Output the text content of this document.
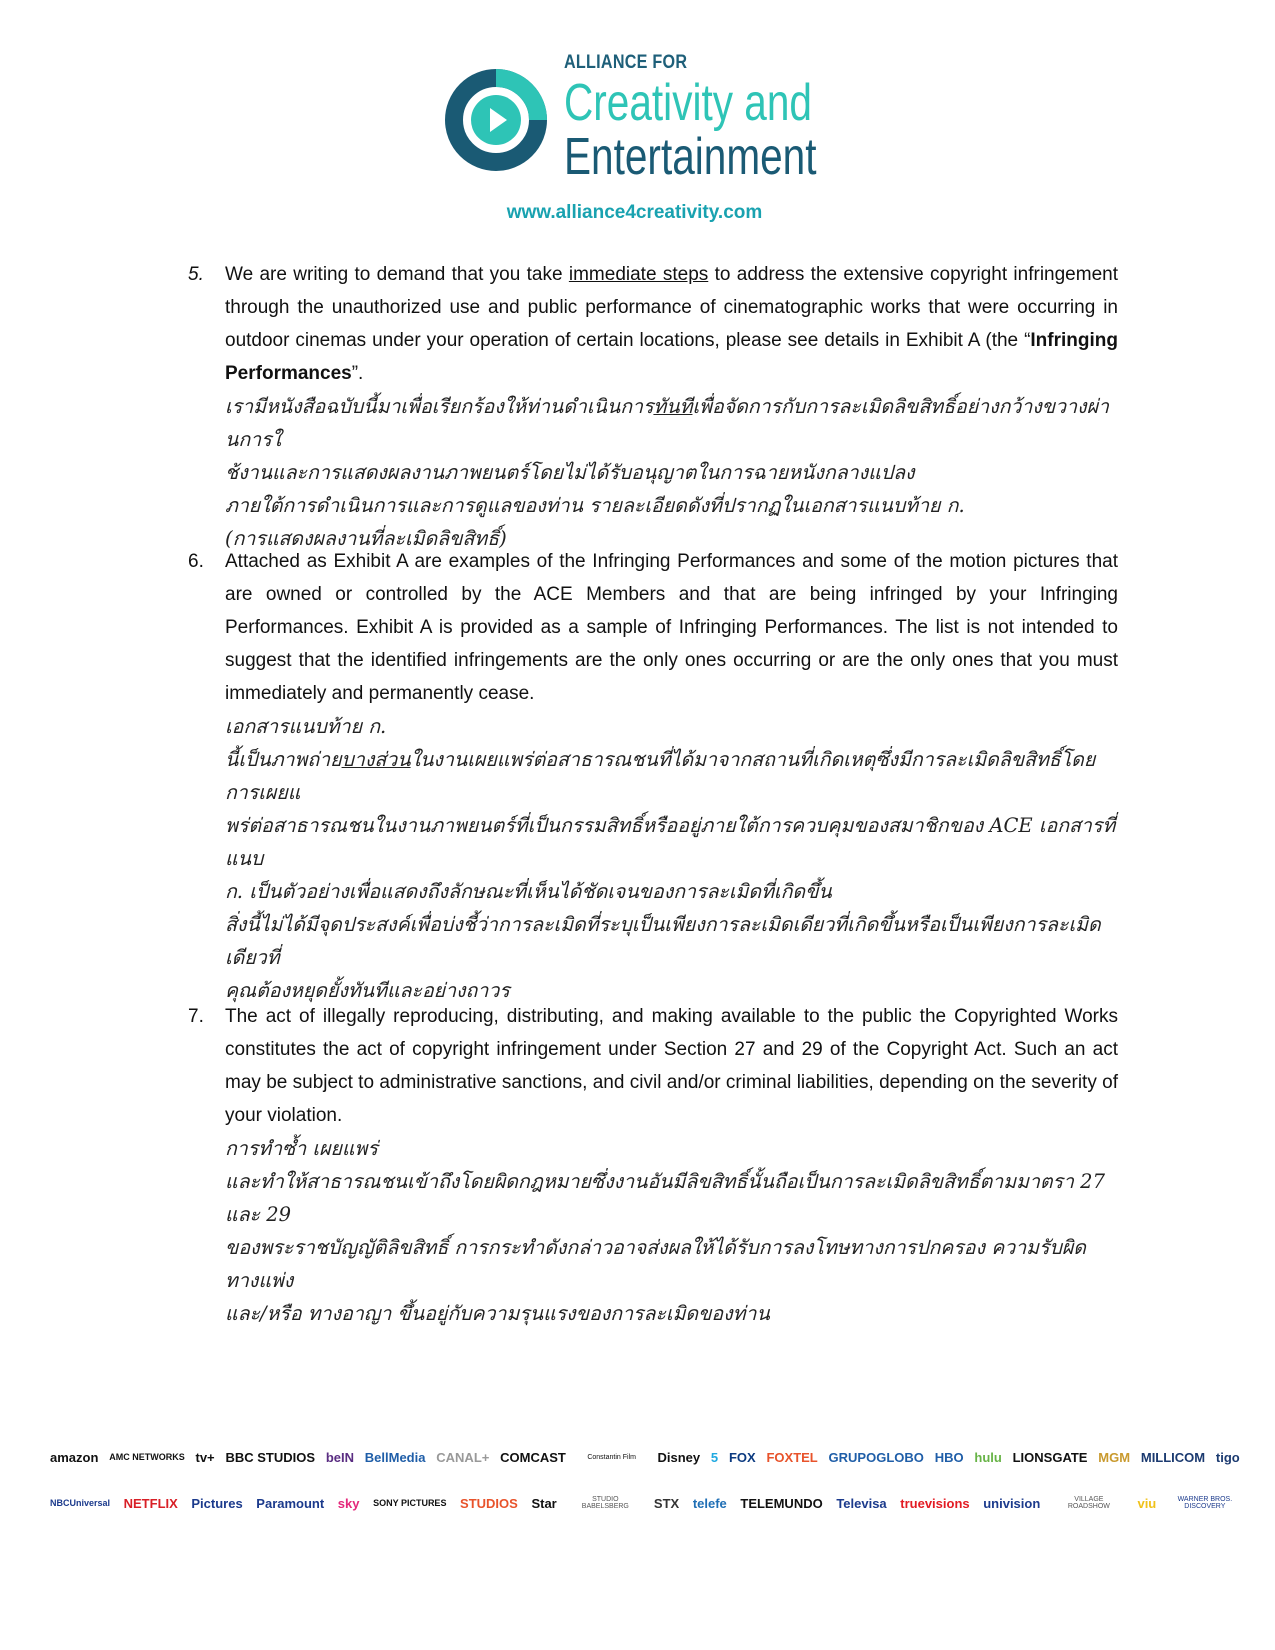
ALLIANCE FOR
Creativity and
Entertainment
www.alliance4creativity.com
5. We are writing to demand that you take immediate steps to address the extensive copyright infringement through the unauthorized use and public performance of cinematographic works that were occurring in outdoor cinemas under your operation of certain locations, please see details in Exhibit A (the “Infringing Performances”.
เรามีหนังสือฉบับนี้มาเพื่อเรียกร้องให้ท่านดำเนินการทันทีเพื่อจัดการกับการละเมิดลิขสิทธิ์อย่างกว้างขวางผ่านการใ
ช้งานและการแสดงผลงานภาพยนตร์โดยไม่ได้รับอนุญาตในการฉายหนังกลางแปลง
ภายใต้การดำเนินการและการดูแลของท่าน รายละเอียดดังที่ปรากฏในเอกสารแนบท้าย ก.
(การแสดงผลงานที่ละเมิดลิขสิทธิ์)
6. Attached as Exhibit A are examples of the Infringing Performances and some of the motion pictures that are owned or controlled by the ACE Members and that are being infringed by your Infringing Performances. Exhibit A is provided as a sample of Infringing Performances. The list is not intended to suggest that the identified infringements are the only ones occurring or are the only ones that you must immediately and permanently cease.
เอกสารแนบท้าย ก.
นี้เป็นภาพถ่ายบางส่วนในงานเผยแพร่ต่อสาธารณชนที่ได้มาจากสถานที่เกิดเหตุซึ่งมีการละเมิดลิขสิทธิ์โดยการเผยแ
พร่ต่อสาธารณชนในงานภาพยนตร์ที่เป็นกรรมสิทธิ์หรืออยู่ภายใต้การควบคุมของสมาชิกของ ACE เอกสารที่แนบ
ก. เป็นตัวอย่างเพื่อแสดงถึงลักษณะที่เห็นได้ชัดเจนของการละเมิดที่เกิดขึ้น
สิ่งนี้ไม่ได้มีจุดประสงค์เพื่อบ่งชี้ว่าการละเมิดที่ระบุเป็นเพียงการละเมิดเดียวที่เกิดขึ้นหรือเป็นเพียงการละเมิดเดียวที่
คุณต้องหยุดยั้งทันทีและอย่างถาวร
7. The act of illegally reproducing, distributing, and making available to the public the Copyrighted Works constitutes the act of copyright infringement under Section 27 and 29 of the Copyright Act. Such an act may be subject to administrative sanctions, and civil and/or criminal liabilities, depending on the severity of your violation.
การทำซ้ำ เผยแพร่
และทำให้สาธารณชนเข้าถึงโดยผิดกฎหมายซึ่งงานอันมีลิขสิทธิ์นั้นถือเป็นการละเมิดลิขสิทธิ์ตามมาตรา 27 และ 29
ของพระราชบัญญัติลิขสิทธิ์ การกระทำดังกล่าวอาจส่งผลให้ได้รับการลงโทษทางการปกครอง ความรับผิดทางแพ่ง
และ/หรือ ทางอาญา ขึ้นอยู่กับความรุนแรงของการละเมิดของท่าน
amazon AMC NETWORKS tv+ BBC STUDIOS beIN BellMedia CANAL+ COMCAST	Constantin Film	Disney 5 FOX FOXTEL GRUPOGLOBO HBO hulu LIONSGATE MGM MILLICOM tigo
NBCUniversal NETFLIX Pictures Paramount sky SONY PICTURES STUDIOS Star	STUDIO BABELSBERG	STX telefe TELEMUNDO Televisa truevisions univision	VILLAGE ROADSHOW	viu	WARNER BROS. DISCOVERY
